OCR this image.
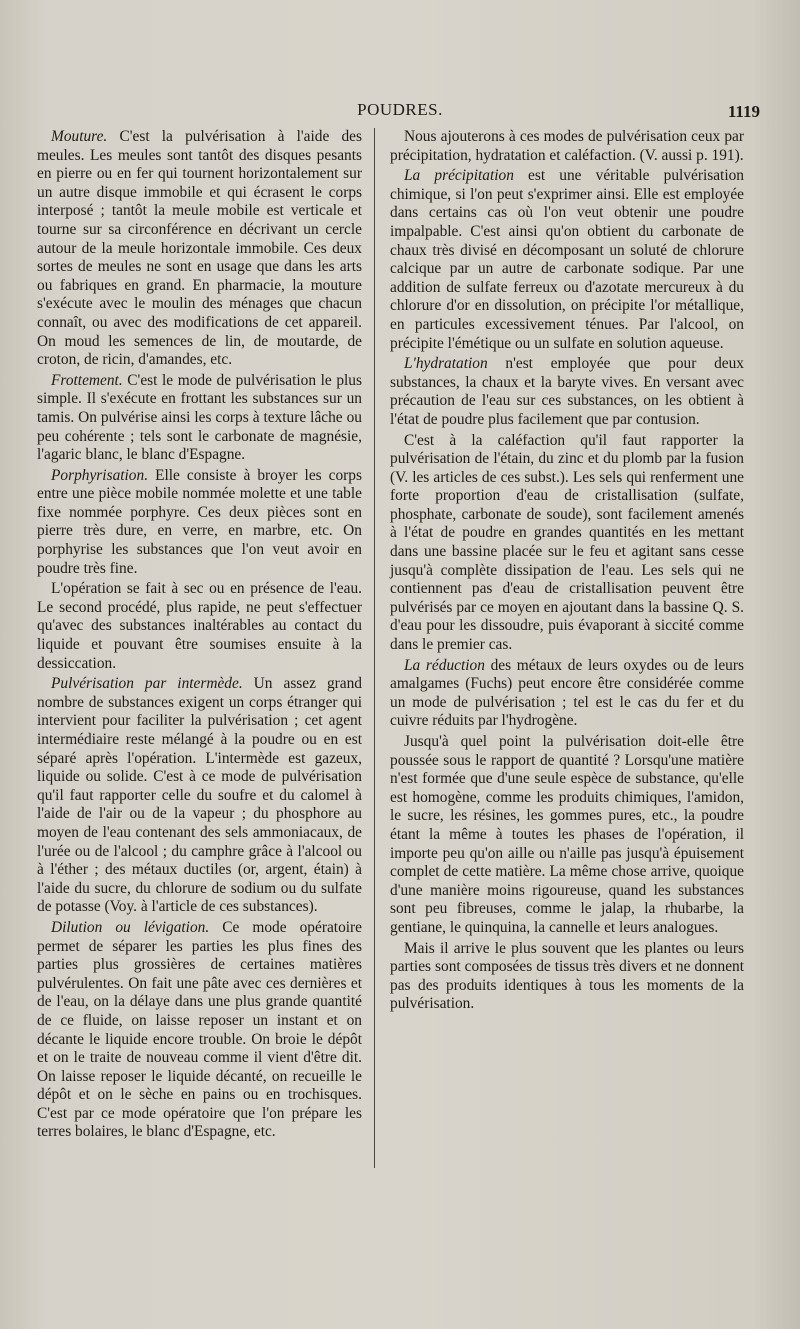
POUDRES.	1119

Mouture. C'est la pulvérisation à l'aide des meules. Les meules sont tantôt des disques pesants en pierre ou en fer qui tournent horizontalement sur un autre disque immobile et qui écrasent le corps interposé ; tantôt la meule mobile est verticale et tourne sur sa circonférence en décrivant un cercle autour de la meule horizontale immobile. Ces deux sortes de meules ne sont en usage que dans les arts ou fabriques en grand. En pharmacie, la mouture s'exécute avec le moulin des ménages que chacun connaît, ou avec des modifications de cet appareil. On moud les semences de lin, de moutarde, de croton, de ricin, d'amandes, etc.

Frottement. C'est le mode de pulvérisation le plus simple. Il s'exécute en frottant les substances sur un tamis. On pulvérise ainsi les corps à texture lâche ou peu cohérente ; tels sont le carbonate de magnésie, l'agaric blanc, le blanc d'Espagne.

Porphyrisation. Elle consiste à broyer les corps entre une pièce mobile nommée molette et une table fixe nommée porphyre. Ces deux pièces sont en pierre très dure, en verre, en marbre, etc. On porphyrise les substances que l'on veut avoir en poudre très fine.

L'opération se fait à sec ou en présence de l'eau. Le second procédé, plus rapide, ne peut s'effectuer qu'avec des substances inaltérables au contact du liquide et pouvant être soumises ensuite à la dessiccation.

Pulvérisation par intermède. Un assez grand nombre de substances exigent un corps étranger qui intervient pour faciliter la pulvérisation ; cet agent intermédiaire reste mélangé à la poudre ou en est séparé après l'opération. L'intermède est gazeux, liquide ou solide. C'est à ce mode de pulvérisation qu'il faut rapporter celle du soufre et du calomel à l'aide de l'air ou de la vapeur ; du phosphore au moyen de l'eau contenant des sels ammoniacaux, de l'urée ou de l'alcool ; du camphre grâce à l'alcool ou à l'éther ; des métaux ductiles (or, argent, étain) à l'aide du sucre, du chlorure de sodium ou du sulfate de potasse (Voy. à l'article de ces substances).

Dilution ou lévigation. Ce mode opératoire permet de séparer les parties les plus fines des parties plus grossières de certaines matières pulvérulentes. On fait une pâte avec ces dernières et de l'eau, on la délaye dans une plus grande quantité de ce fluide, on laisse reposer un instant et on décante le liquide encore trouble. On broie le dépôt et on le traite de nouveau comme il vient d'être dit. On laisse reposer le liquide décanté, on recueille le dépôt et on le sèche en pains ou en trochisques. C'est par ce mode opératoire que l'on prépare les terres bolaires, le blanc d'Espagne, etc.

Nous ajouterons à ces modes de pulvérisation ceux par précipitation, hydratation et caléfaction. (V. aussi p. 191).

La précipitation est une véritable pulvérisation chimique, si l'on peut s'exprimer ainsi. Elle est employée dans certains cas où l'on veut obtenir une poudre impalpable. C'est ainsi qu'on obtient du carbonate de chaux très divisé en décomposant un soluté de chlorure calcique par un autre de carbonate sodique. Par une addition de sulfate ferreux ou d'azotate mercureux à du chlorure d'or en dissolution, on précipite l'or métallique, en particules excessivement ténues. Par l'alcool, on précipite l'émétique ou un sulfate en solution aqueuse.

L'hydratation n'est employée que pour deux substances, la chaux et la baryte vives. En versant avec précaution de l'eau sur ces substances, on les obtient à l'état de poudre plus facilement que par contusion.

C'est à la caléfaction qu'il faut rapporter la pulvérisation de l'étain, du zinc et du plomb par la fusion (V. les articles de ces subst.). Les sels qui renferment une forte proportion d'eau de cristallisation (sulfate, phosphate, carbonate de soude), sont facilement amenés à l'état de poudre en grandes quantités en les mettant dans une bassine placée sur le feu et agitant sans cesse jusqu'à complète dissipation de l'eau. Les sels qui ne contiennent pas d'eau de cristallisation peuvent être pulvérisés par ce moyen en ajoutant dans la bassine Q. S. d'eau pour les dissoudre, puis évaporant à siccité comme dans le premier cas.

La réduction des métaux de leurs oxydes ou de leurs amalgames (Fuchs) peut encore être considérée comme un mode de pulvérisation ; tel est le cas du fer et du cuivre réduits par l'hydrogène.

Jusqu'à quel point la pulvérisation doit-elle être poussée sous le rapport de quantité ? Lorsqu'une matière n'est formée que d'une seule espèce de substance, qu'elle est homogène, comme les produits chimiques, l'amidon, le sucre, les résines, les gommes pures, etc., la poudre étant la même à toutes les phases de l'opération, il importe peu qu'on aille ou n'aille pas jusqu'à épuisement complet de cette matière. La même chose arrive, quoique d'une manière moins rigoureuse, quand les substances sont peu fibreuses, comme le jalap, la rhubarbe, la gentiane, le quinquina, la cannelle et leurs analogues.

Mais il arrive le plus souvent que les plantes ou leurs parties sont composées de tissus très divers et ne donnent pas des produits identiques à tous les moments de la pulvérisation.
